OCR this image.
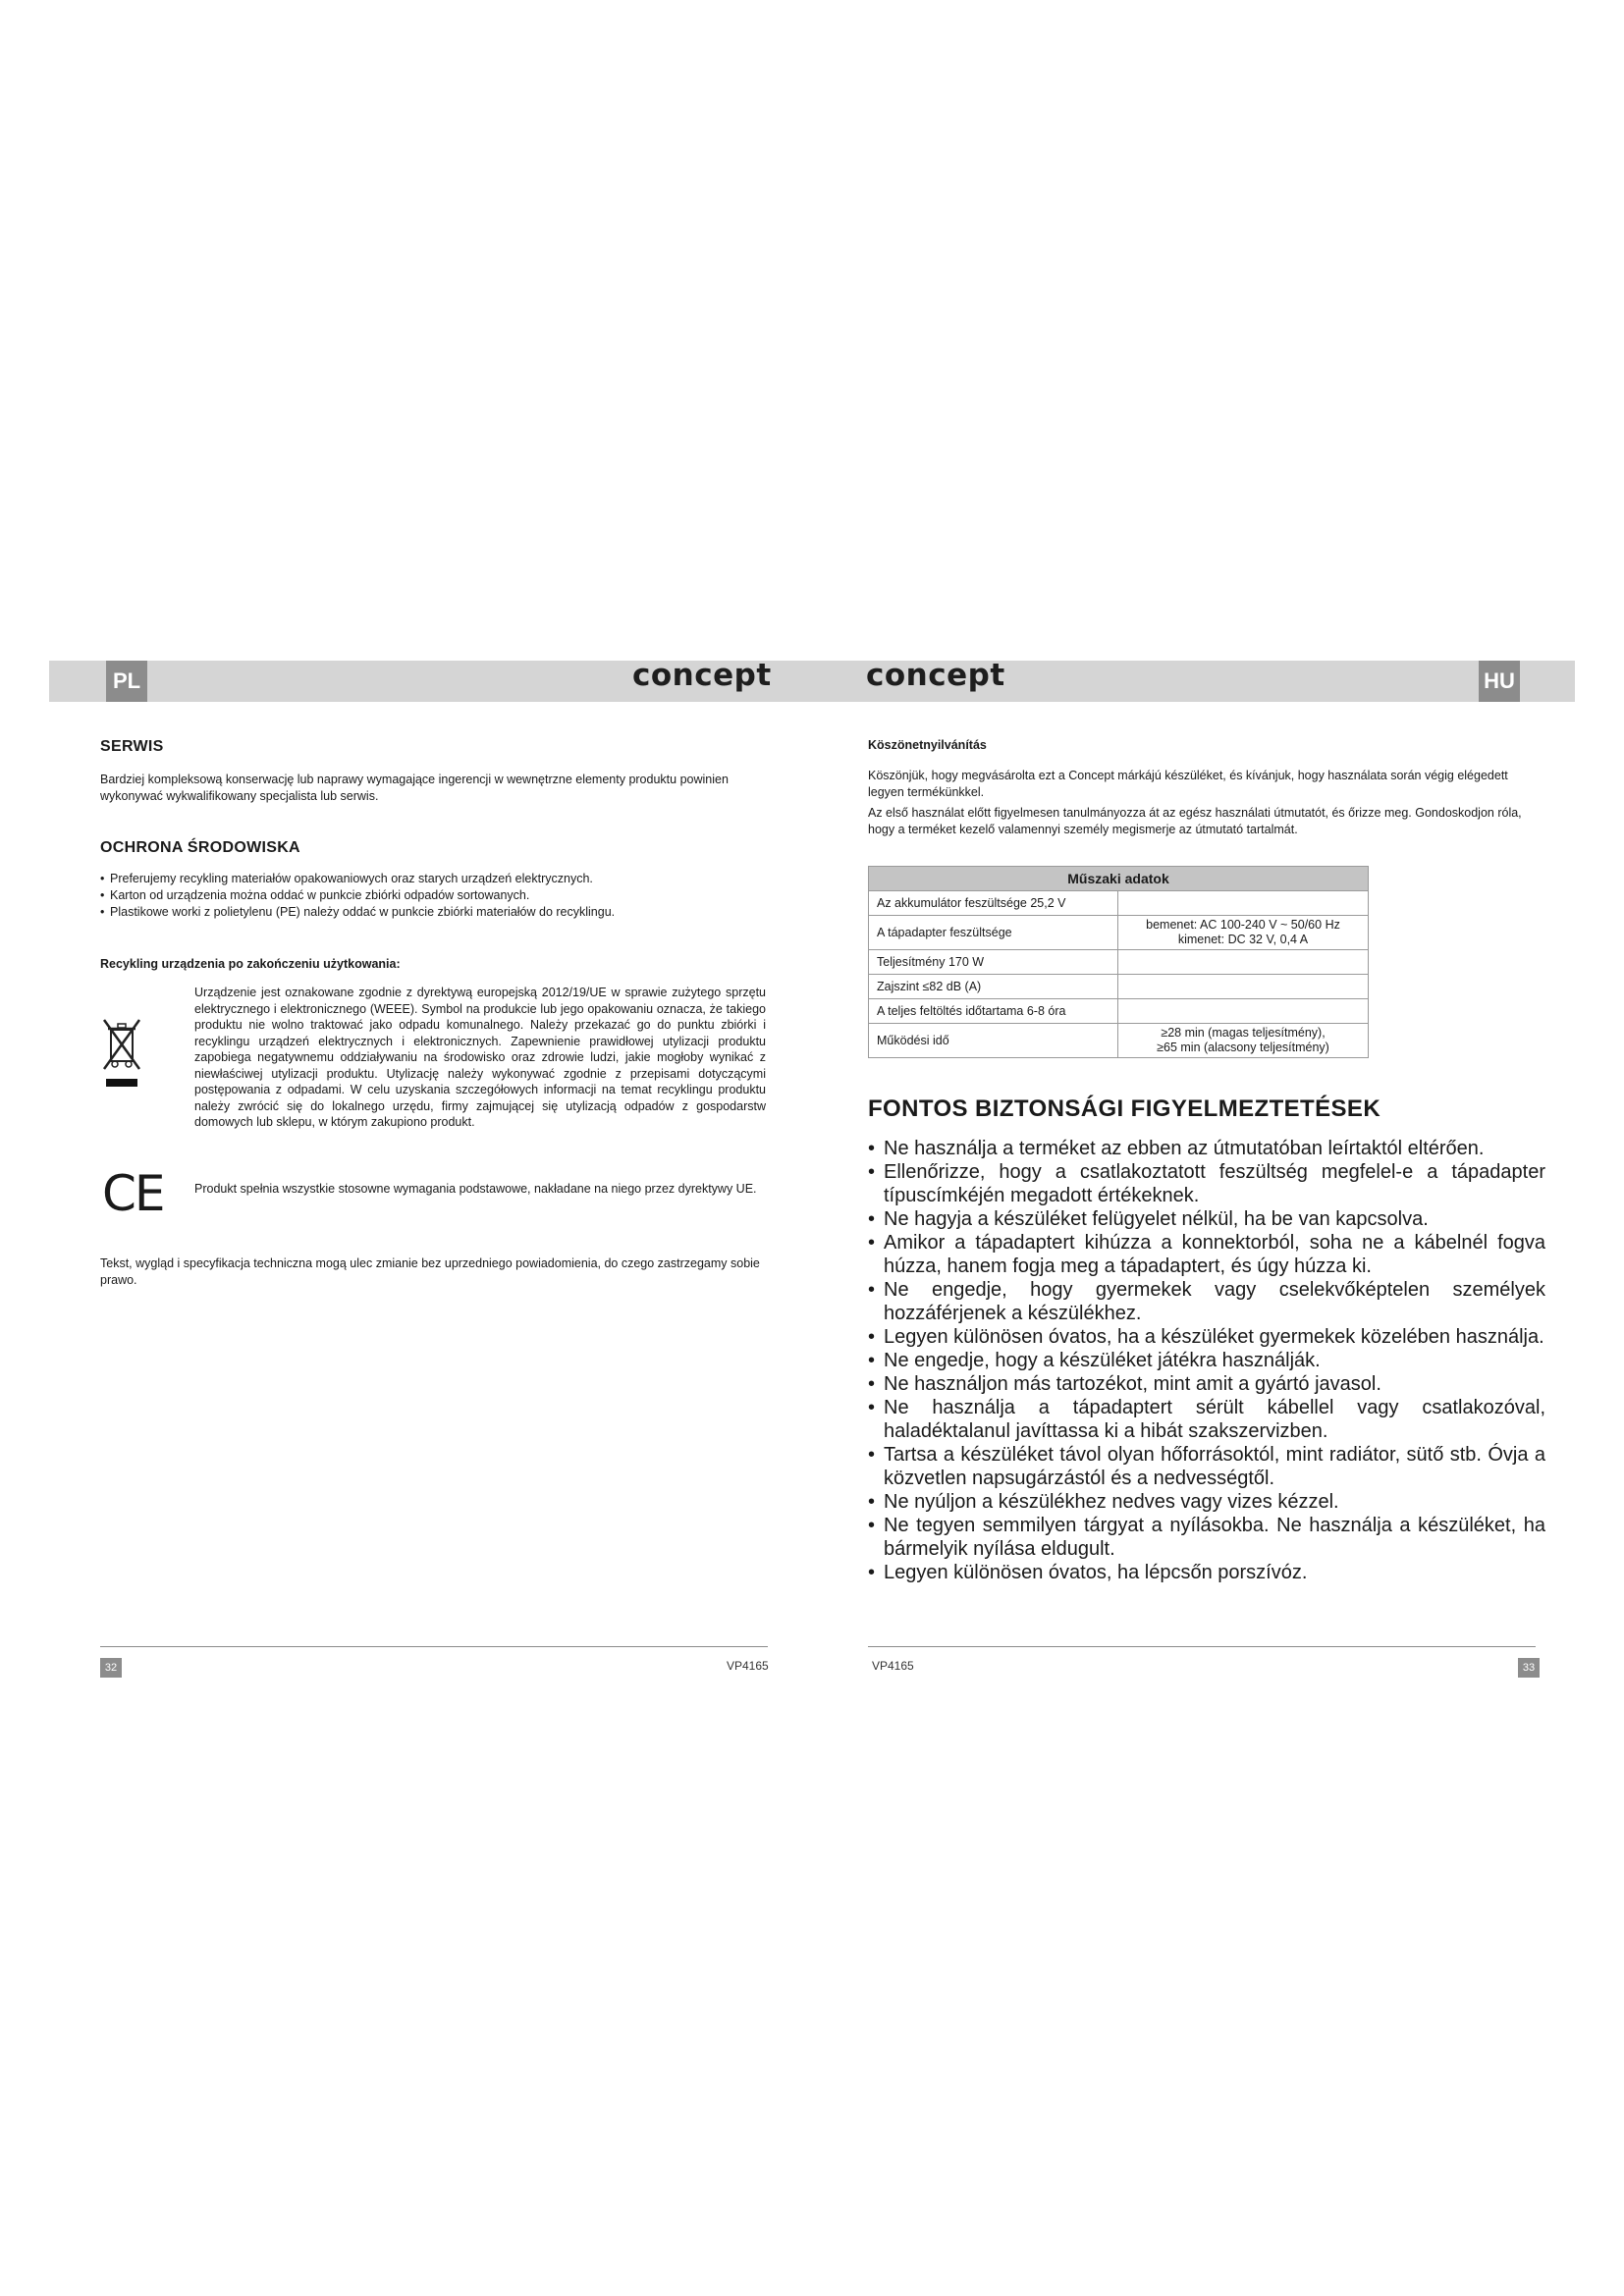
PL	HU
concept	concept
SERWIS

Bardziej kompleksową konserwację lub naprawy wymagające ingerencji w wewnętrzne elementy produktu powinien wykonywać wykwalifikowany specjalista lub serwis.

OCHRONA ŚRODOWISKA
• Preferujemy recykling materiałów opakowaniowych oraz starych urządzeń elektrycznych.
• Karton od urządzenia można oddać w punkcie zbiórki odpadów sortowanych.
• Plastikowe worki z polietylenu (PE) należy oddać w punkcie zbiórki materiałów do recyklingu.
Recykling urządzenia po zakończeniu użytkowania:
Urządzenie jest oznakowane zgodnie z dyrektywą europejską 2012/19/UE w sprawie zużytego sprzętu elektrycznego i elektronicznego (WEEE). Symbol na produkcie lub jego opakowaniu oznacza, że takiego produktu nie wolno traktować jako odpadu komunalnego. Należy przekazać go do punktu zbiórki i recyklingu urządzeń elektrycznych i elektronicznych. Zapewnienie prawidłowej utylizacji produktu zapobiega negatywnemu oddziaływaniu na środowisko oraz zdrowie ludzi, jakie mogłoby wynikać z niewłaściwej utylizacji produktu. Utylizację należy wykonywać zgodnie z przepisami dotyczącymi postępowania z odpadami. W celu uzyskania szczegółowych informacji na temat recyklingu produktu należy zwrócić się do lokalnego urzędu, firmy zajmującej się utylizacją odpadów z gospodarstw domowych lub sklepu, w którym zakupiono produkt.
CE	Produkt spełnia wszystkie stosowne wymagania podstawowe, nakładane na niego przez dyrektywy UE.

Tekst, wygląd i specyfikacja techniczna mogą ulec zmianie bez uprzedniego powiadomienia, do czego zastrzegamy sobie prawo.

Köszönetnyilvánítás

Köszönjük, hogy megvásárolta ezt a Concept márkájú készüléket, és kívánjuk, hogy használata során végig elégedett legyen termékünkkel.

Az első használat előtt figyelmesen tanulmányozza át az egész használati útmutatót, és őrizze meg. Gondoskodjon róla, hogy a terméket kezelő valamennyi személy megismerje az útmutató tartalmát.

Műszaki adatok	
Az akkumulátor feszültsége 25,2 V	
A tápadapter feszültsége	bemenet: AC 100-240 V ~ 50/60 Hz
kimenet: DC 32 V, 0,4 A
Teljesítmény 170 W	
Zajszint ≤82 dB (A)	
A teljes feltöltés időtartama 6-8 óra	
Működési idő	≥28 min (magas teljesítmény),
≥65 min (alacsony teljesítmény)
FONTOS BIZTONSÁGI FIGYELMEZTETÉSEK
• Ne használja a terméket az ebben az útmutatóban leírtaktól eltérően.
• Ellenőrizze, hogy a csatlakoztatott feszültség megfelel-e a tápadapter típuscímkéjén megadott értékeknek.
• Ne hagyja a készüléket felügyelet nélkül, ha be van kapcsolva.
• Amikor a tápadaptert kihúzza a konnektorból, soha ne a kábelnél fogva húzza, hanem fogja meg a tápadaptert, és úgy húzza ki.
• Ne engedje, hogy gyermekek vagy cselekvőképtelen személyek hozzáférjenek a készülékhez.
• Legyen különösen óvatos, ha a készüléket gyermekek közelében használja.
• Ne engedje, hogy a készüléket játékra használják.
• Ne használjon más tartozékot, mint amit a gyártó javasol.
• Ne használja a tápadaptert sérült kábellel vagy csatlakozóval, haladéktalanul javíttassa ki a hibát szakszervizben.
• Tartsa a készüléket távol olyan hőforrásoktól, mint radiátor, sütő stb. Óvja a közvetlen napsugárzástól és a nedvességtől.
• Ne nyúljon a készülékhez nedves vagy vizes kézzel.
• Ne tegyen semmilyen tárgyat a nyílásokba. Ne használja a készüléket, ha bármelyik nyílása eldugult.
• Legyen különösen óvatos, ha lépcsőn porszívóz.
32	33
VP4165	VP4165
